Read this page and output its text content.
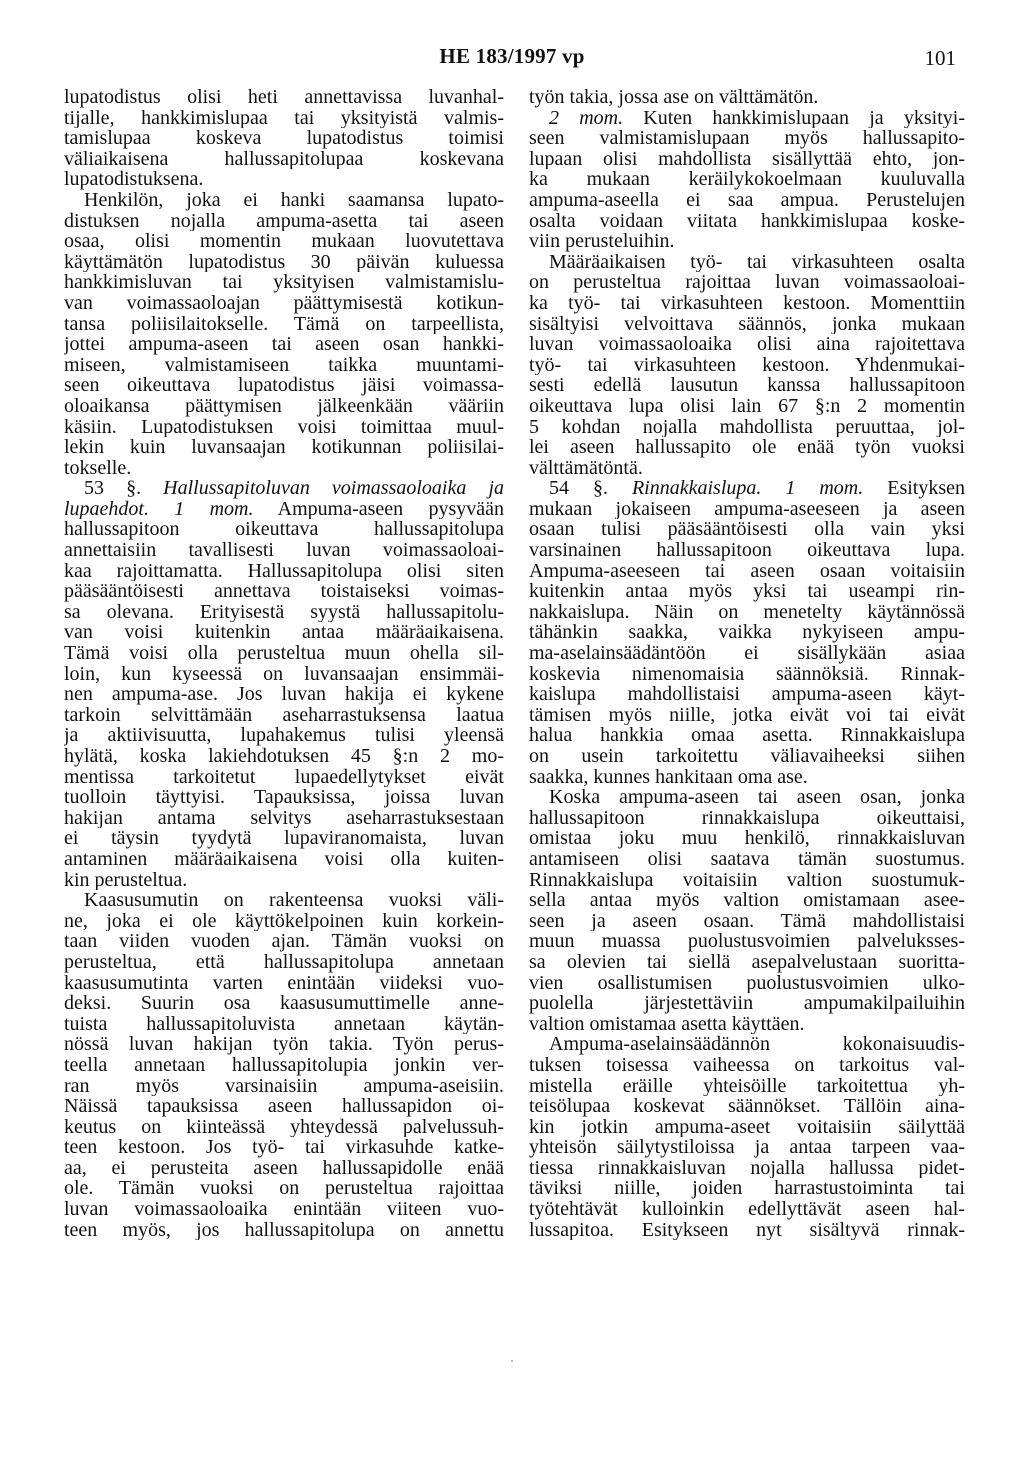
HE 183/1997 vp	101
lupatodistus olisi heti annettavissa luvanhal-
tijalle, hankkimislupaa tai yksityistä valmis-
tamislupaa koskeva lupatodistus toimisi
väliaikaisena hallussapitolupaa koskevana
lupatodistuksena.
Henkilön, joka ei hanki saamansa lupato-
distuksen nojalla ampuma-asetta tai aseen
osaa, olisi momentin mukaan luovutettava
käyttämätön lupatodistus 30 päivän kuluessa
hankkimisluvan tai yksityisen valmistamislu-
van voimassaoloajan päättymisestä kotikun-
tansa poliisilaitokselle. Tämä on tarpeellista,
jottei ampuma-aseen tai aseen osan hankki-
miseen, valmistamiseen taikka muuntami-
seen oikeuttava lupatodistus jäisi voimassa-
oloaikansa päättymisen jälkeenkään vääriin
käsiin. Lupatodistuksen voisi toimittaa muul-
lekin kuin luvansaajan kotikunnan poliisilai-
tokselle.
53 §. Hallussapitoluvan voimassaoloaika ja
lupaehdot. 1 mom. Ampuma-aseen pysyvään
hallussapitoon oikeuttava hallussapitolupa
annettaisiin tavallisesti luvan voimassaoloai-
kaa rajoittamatta. Hallussapitolupa olisi siten
pääsääntöisesti annettava toistaiseksi voimas-
sa olevana. Erityisestä syystä hallussapitolu-
van voisi kuitenkin antaa määräaikaisena.
Tämä voisi olla perusteltua muun ohella sil-
loin, kun kyseessä on luvansaajan ensimmäi-
nen ampuma-ase. Jos luvan hakija ei kykene
tarkoin selvittämään aseharrastuksensa laatua
ja aktiivisuutta, lupahakemus tulisi yleensä
hylätä, koska lakiehdotuksen 45 §:n 2 mo-
mentissa tarkoitetut lupaedellytykset eivät
tuolloin täyttyisi. Tapauksissa, joissa luvan
hakijan antama selvitys aseharrastuksestaan
ei täysin tyydytä lupaviranomaista, luvan
antaminen määräaikaisena voisi olla kuiten-
kin perusteltua.
Kaasusumutin on rakenteensa vuoksi väli-
ne, joka ei ole käyttökelpoinen kuin korkein-
taan viiden vuoden ajan. Tämän vuoksi on
perusteltua, että hallussapitolupa annetaan
kaasusumutinta varten enintään viideksi vuo-
deksi. Suurin osa kaasusumuttimelle anne-
tuista hallussapitoluvista annetaan käytän-
nössä luvan hakijan työn takia. Työn perus-
teella annetaan hallussapitolupia jonkin ver-
ran myös varsinaisiin ampuma-aseisiin.
Näissä tapauksissa aseen hallussapidon oi-
keutus on kiinteässä yhteydessä palvelussuh-
teen kestoon. Jos työ- tai virkasuhde katke-
aa, ei perusteita aseen hallussapidolle enää
ole. Tämän vuoksi on perusteltua rajoittaa
luvan voimassaoloaika enintään viiteen vuo-
teen myös, jos hallussapitolupa on annettu
työn takia, jossa ase on välttämätön.
2 mom. Kuten hankkimislupaan ja yksityi-
seen valmistamislupaan myös hallussapito-
lupaan olisi mahdollista sisällyttää ehto, jon-
ka mukaan keräilykokoelmaan kuuluvalla
ampuma-aseella ei saa ampua. Perustelujen
osalta voidaan viitata hankkimislupaa koske-
viin perusteluihin.
Määräaikaisen työ- tai virkasuhteen osalta
on perusteltua rajoittaa luvan voimassaoloai-
ka työ- tai virkasuhteen kestoon. Momenttiin
sisältyisi velvoittava säännös, jonka mukaan
luvan voimassaoloaika olisi aina rajoitettava
työ- tai virkasuhteen kestoon. Yhdenmukai-
sesti edellä lausutun kanssa hallussapitoon
oikeuttava lupa olisi lain 67 §:n 2 momentin
5 kohdan nojalla mahdollista peruuttaa, jol-
lei aseen hallussapito ole enää työn vuoksi
välttämätöntä.
54 §. Rinnakkaislupa. 1 mom. Esityksen
mukaan jokaiseen ampuma-aseeseen ja aseen
osaan tulisi pääsääntöisesti olla vain yksi
varsinainen hallussapitoon oikeuttava lupa.
Ampuma-aseeseen tai aseen osaan voitaisiin
kuitenkin antaa myös yksi tai useampi rin-
nakkaislupa. Näin on menetelty käytännössä
tähänkin saakka, vaikka nykyiseen ampu-
ma-aselainsäädäntöön ei sisällykään asiaa
koskevia nimenomaisia säännöksiä. Rinnak-
kaislupa mahdollistaisi ampuma-aseen käyt-
tämisen myös niille, jotka eivät voi tai eivät
halua hankkia omaa asetta. Rinnakkaislupa
on usein tarkoitettu väliavaiheeksi siihen
saakka, kunnes hankitaan oma ase.
Koska ampuma-aseen tai aseen osan, jonka
hallussapitoon rinnakkaislupa oikeuttaisi,
omistaa joku muu henkilö, rinnakkaisluvan
antamiseen olisi saatava tämän suostumus.
Rinnakkaislupa voitaisiin valtion suostumuk-
sella antaa myös valtion omistamaan asee-
seen ja aseen osaan. Tämä mahdollistaisi
muun muassa puolustusvoimien palveluksses-
sa olevien tai siellä asepalvelustaan suoritta-
vien osallistumisen puolustusvoimien ulko-
puolella järjestettäviin ampumakilpailuihin
valtion omistamaa asetta käyttäen.
Ampuma-aselainsäädännön kokonaisuudis-
tuksen toisessa vaiheessa on tarkoitus val-
mistella eräille yhteisöille tarkoitettua yh-
teisölupaa koskevat säännökset. Tällöin aina-
kin jotkin ampuma-aseet voitaisiin säilyttää
yhteisön säilytystiloissa ja antaa tarpeen vaa-
tiessa rinnakkaisluvan nojalla hallussa pidet-
täviksi niille, joiden harrastustoiminta tai
työtehtävät kulloinkin edellyttävät aseen hal-
lussapitoa. Esitykseen nyt sisältyvä rinnak-
